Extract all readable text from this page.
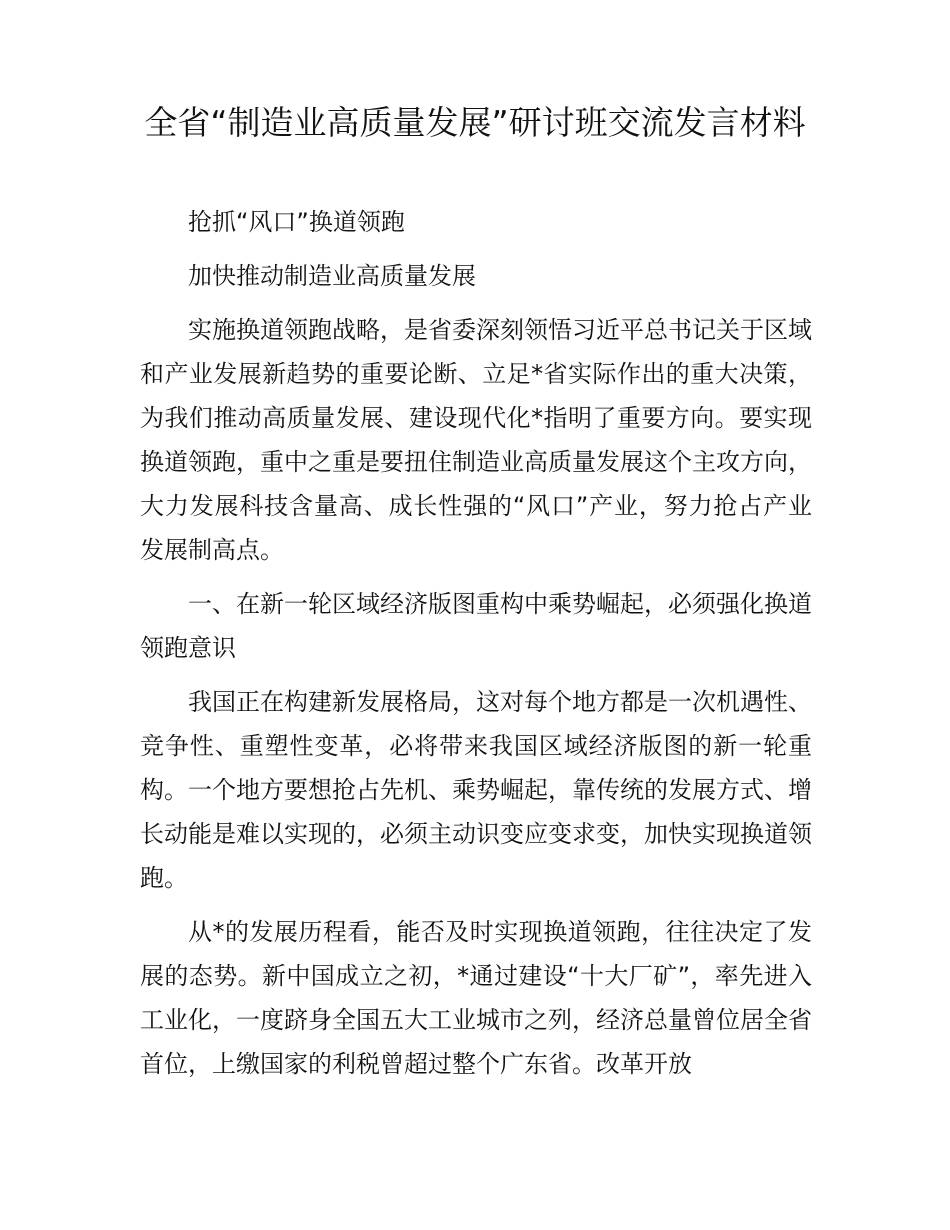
全省“制造业高质量发展”研讨班交流发言材料

抢抓“风口”换道领跑

加快推动制造业高质量发展

实施换道领跑战略，是省委深刻领悟习近平总书记关于区域和产业发展新趋势的重要论断、立足*省实际作出的重大决策，为我们推动高质量发展、建设现代化*指明了重要方向。要实现换道领跑，重中之重是要扭住制造业高质量发展这个主攻方向，大力发展科技含量高、成长性强的“风口”产业，努力抢占产业发展制高点。

一、在新一轮区域经济版图重构中乘势崛起，必须强化换道领跑意识

我国正在构建新发展格局，这对每个地方都是一次机遇性、竞争性、重塑性变革，必将带来我国区域经济版图的新一轮重构。一个地方要想抢占先机、乘势崛起，靠传统的发展方式、增长动能是难以实现的，必须主动识变应变求变，加快实现换道领跑。

从*的发展历程看，能否及时实现换道领跑，往往决定了发展的态势。新中国成立之初，*通过建设“十大厂矿”，率先进入工业化，一度跻身全国五大工业城市之列，经济总量曾位居全省首位，上缴国家的利税曾超过整个广东省。改革开放
